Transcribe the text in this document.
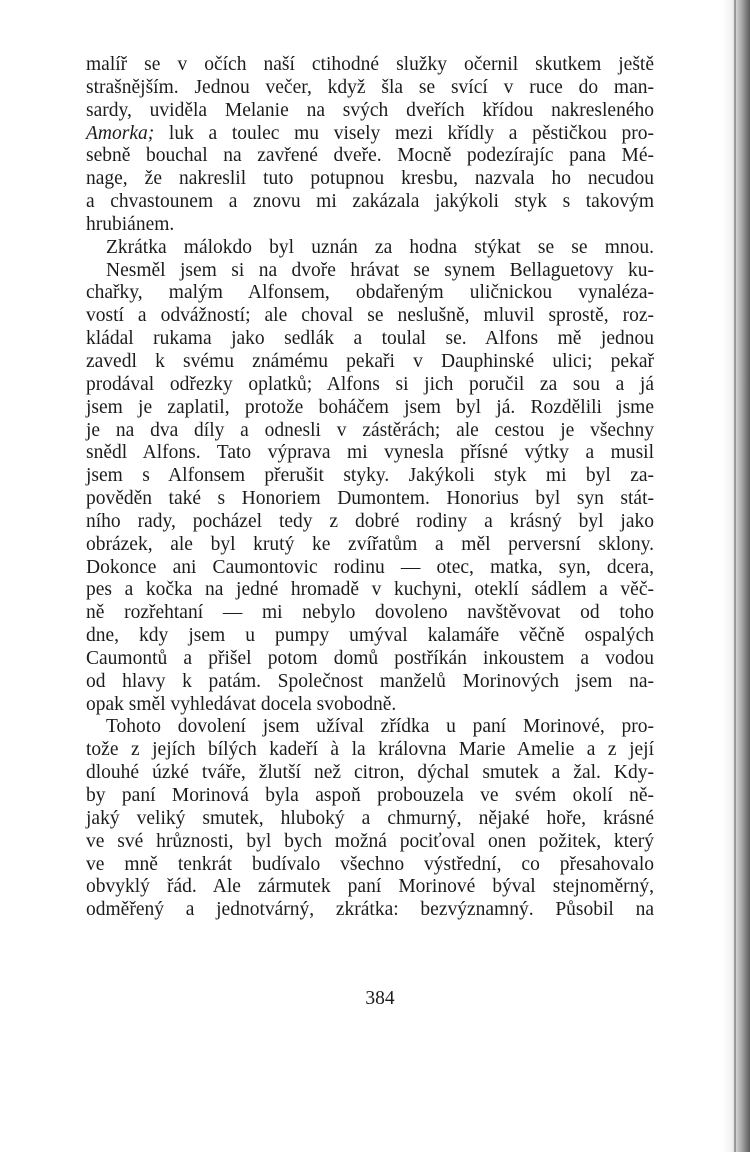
malíř se v očích naší ctihodné služky očernil skutkem ještě
strašnějším. Jednou večer, když šla se svící v ruce do man-
sardy, uviděla Melanie na svých dveřích křídou nakresleného
Amorka; luk a toulec mu visely mezi křídly a pěstičkou pro-
sebně bouchal na zavřené dveře. Mocně podezírajíc pana Mé-
nage, že nakreslil tuto potupnou kresbu, nazvala ho necudou
a chvastounem a znovu mi zakázala jakýkoli styk s takovým
hrubiánem.
Zkrátka málokdo byl uznán za hodna stýkat se se mnou.
Nesměl jsem si na dvoře hrávat se synem Bellaguetovy ku-
chařky, malým Alfonsem, obdařeným uličnickou vynaléza-
vostí a odvážností; ale choval se neslušně, mluvil sprostě, roz-
kládal rukama jako sedlák a toulal se. Alfons mě jednou
zavedl k svému známému pekaři v Dauphinské ulici; pekař
prodával odřezky oplatků; Alfons si jich poručil za sou a já
jsem je zaplatil, protože boháčem jsem byl já. Rozdělili jsme
je na dva díly a odnesli v zástěrách; ale cestou je všechny
snědl Alfons. Tato výprava mi vynesla přísné výtky a musil
jsem s Alfonsem přerušit styky. Jakýkoli styk mi byl za-
pověděn také s Honoriem Dumontem. Honorius byl syn stát-
ního rady, pocházel tedy z dobré rodiny a krásný byl jako
obrázek, ale byl krutý ke zvířatům a měl perversní sklony.
Dokonce ani Caumontovic rodinu — otec, matka, syn, dcera,
pes a kočka na jedné hromadě v kuchyni, oteklí sádlem a věč-
ně rozřehtaní — mi nebylo dovoleno navštěvovat od toho
dne, kdy jsem u pumpy umýval kalamáře věčně ospalých
Caumontů a přišel potom domů postříkán inkoustem a vodou
od hlavy k patám. Společnost manželů Morinových jsem na-
opak směl vyhledávat docela svobodně.
Tohoto dovolení jsem užíval zřídka u paní Morinové, pro-
tože z jejích bílých kadeří à la královna Marie Amelie a z její
dlouhé úzké tváře, žlutší než citron, dýchal smutek a žal. Kdy-
by paní Morinová byla aspoň probouzela ve svém okolí ně-
jaký veliký smutek, hluboký a chmurný, nějaké hoře, krásné
ve své hrůznosti, byl bych možná pociťoval onen požitek, který
ve mně tenkrát budívalo všechno výstřední, co přesahovalo
obvyklý řád. Ale zármutek paní Morinové býval stejnoměrný,
odměřený a jednotvárný, zkrátka: bezvýznamný. Působil na
384
